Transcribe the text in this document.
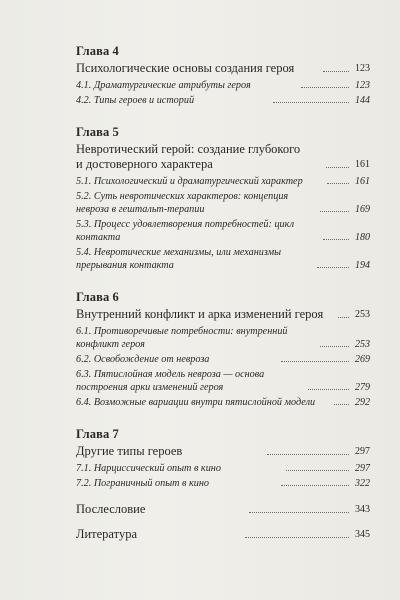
Глава 4
Психологические основы создания героя	123
4.1. Драматургические атрибуты героя	123
4.2. Типы героев и историй	144
Глава 5
Невротический герой: создание глубокого
и достоверного характера	161
5.1. Психологический и драматургический характер	161
5.2. Суть невротических характеров: концепция
невроза в гештальт-терапии	169
5.3. Процесс удовлетворения потребностей: цикл
контакта	180
5.4. Невротические механизмы, или механизмы
прерывания контакта	194
Глава 6
Внутренний конфликт и арка изменений героя	253
6.1. Противоречивые потребности: внутренний
конфликт героя	253
6.2. Освобождение от невроза	269
6.3. Пятислойная модель невроза — основа
построения арки изменений героя	279
6.4. Возможные вариации внутри пятислойной модели	292
Глава 7
Другие типы героев	297
7.1. Нарциссический опыт в кино	297
7.2. Пограничный опыт в кино	322
Послесловие	343
Литература	345
